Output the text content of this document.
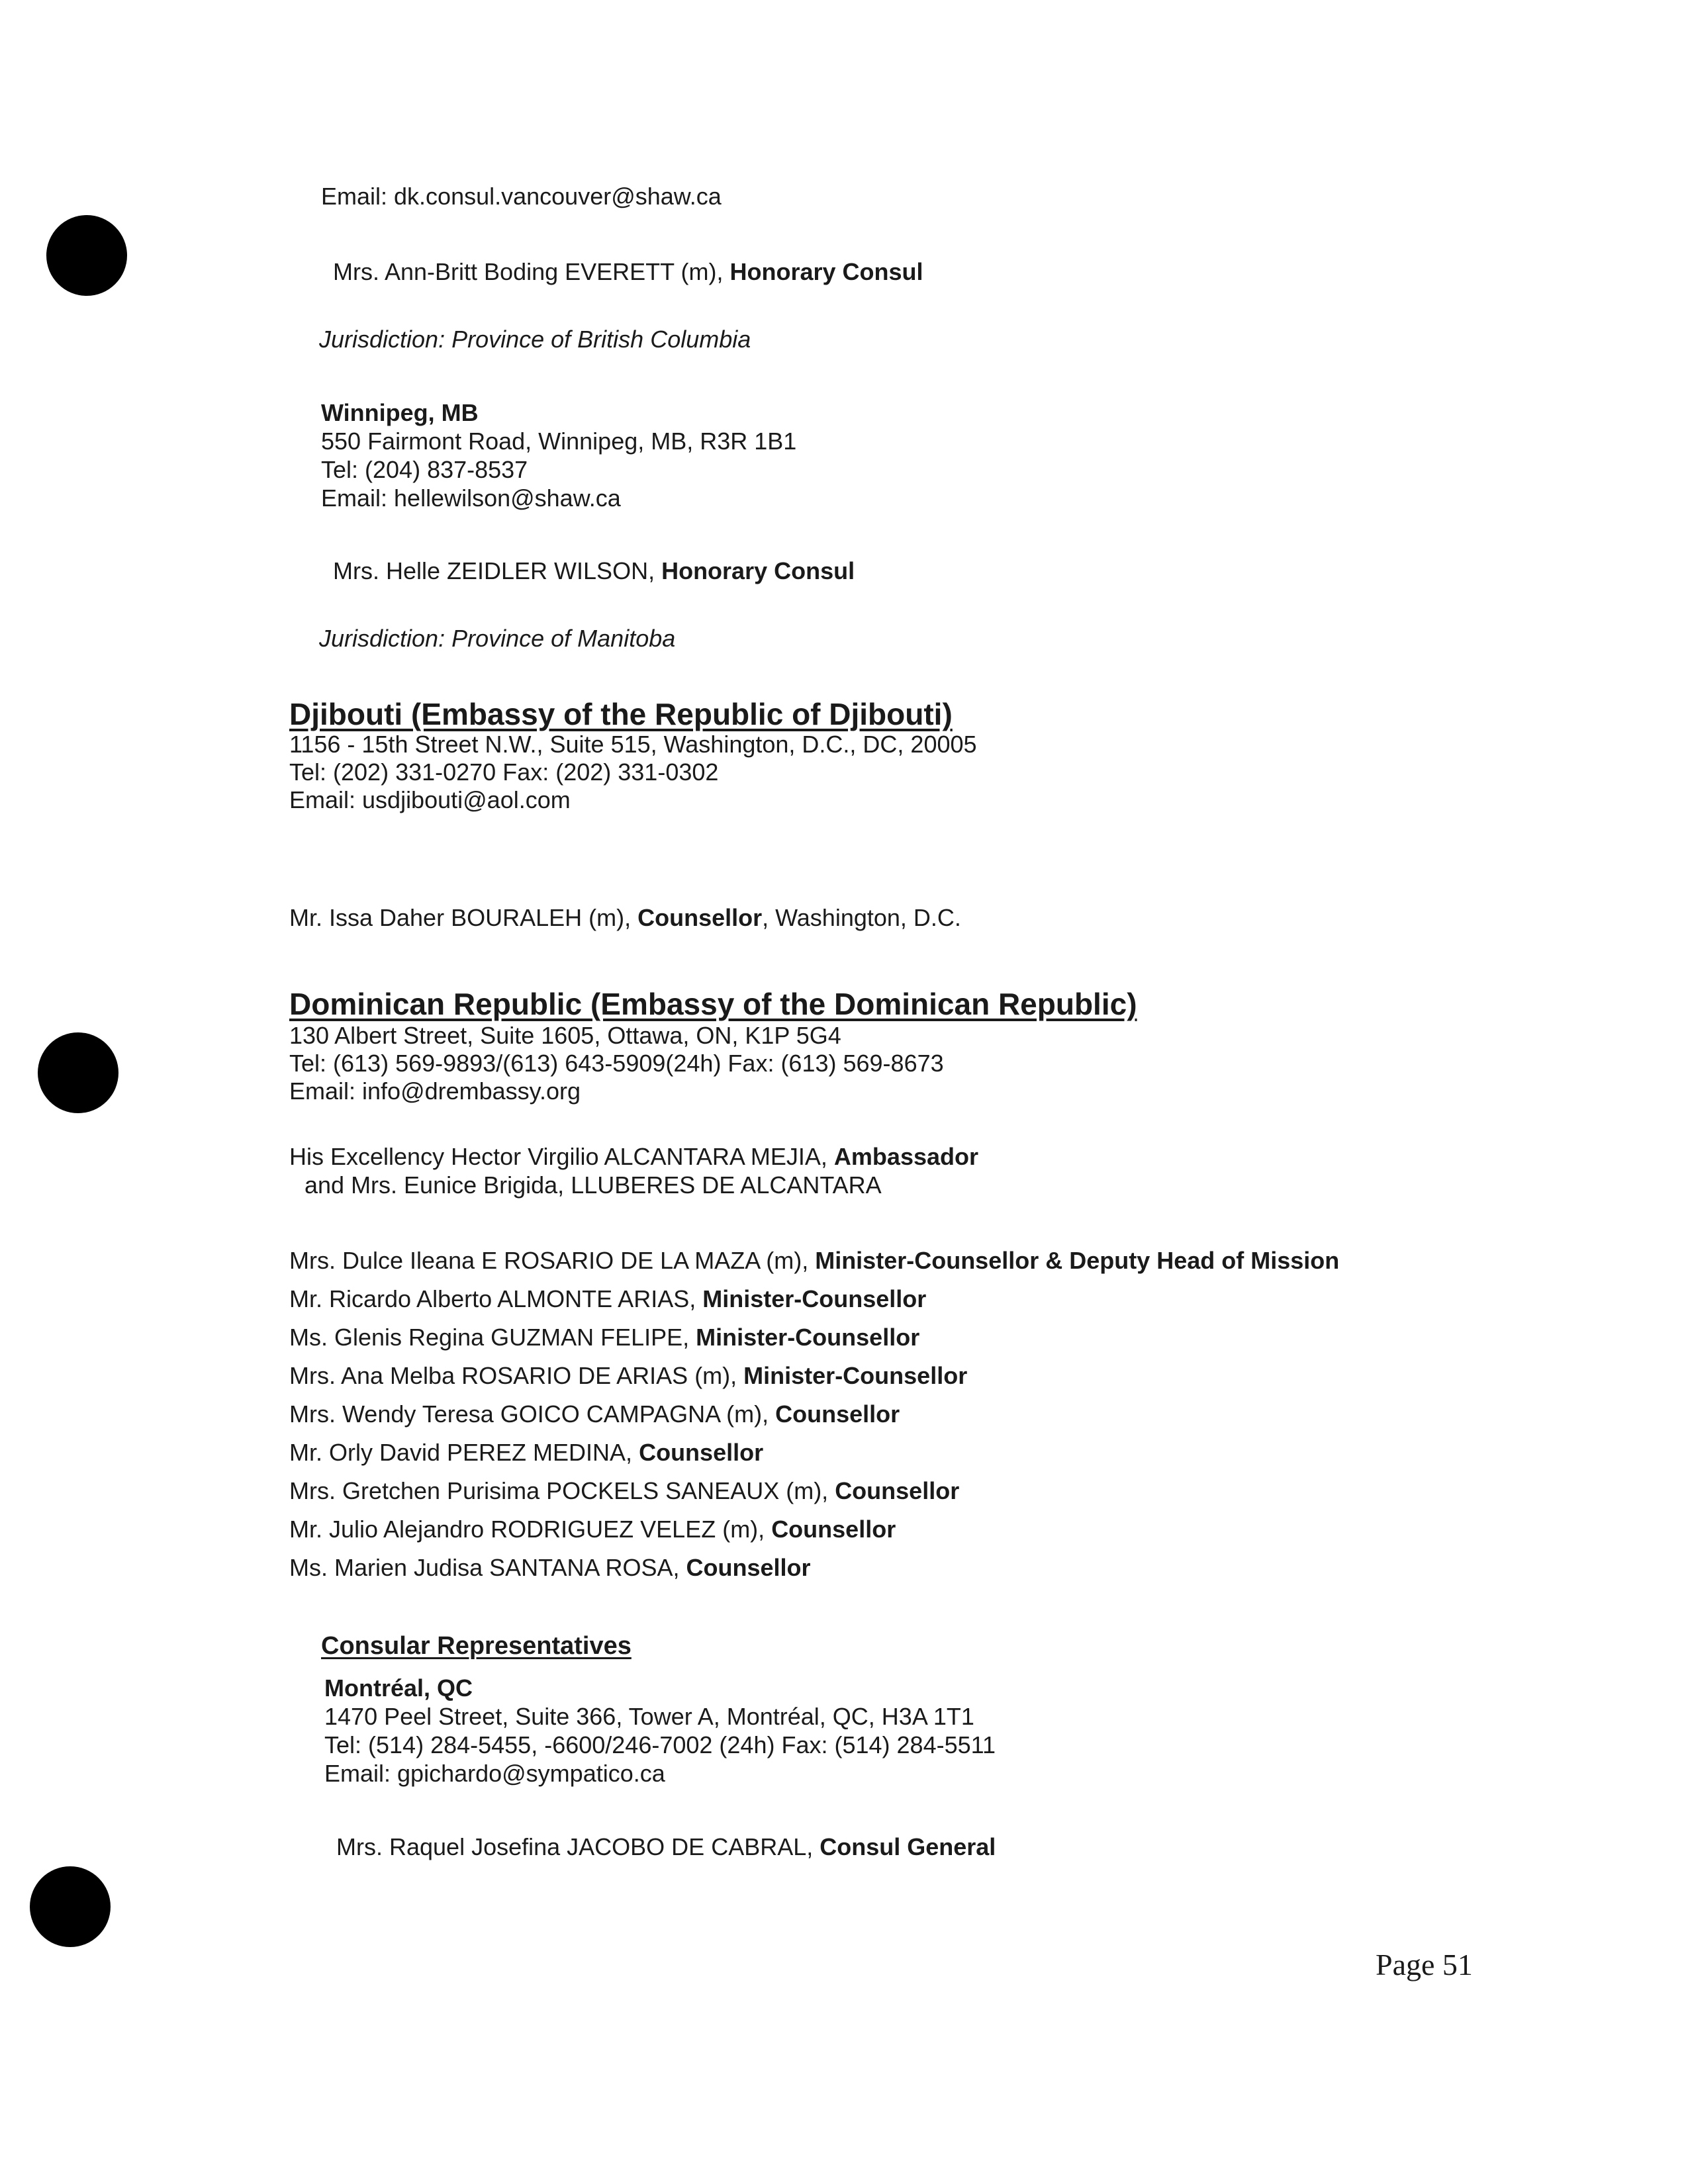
Email: dk.consul.vancouver@shaw.ca
Mrs. Ann-Britt Boding EVERETT (m), Honorary Consul
Jurisdiction: Province of British Columbia
Winnipeg, MB
550 Fairmont Road, Winnipeg, MB, R3R 1B1
Tel: (204) 837-8537
Email: hellewilson@shaw.ca
Mrs. Helle ZEIDLER WILSON, Honorary Consul
Jurisdiction: Province of Manitoba
Djibouti (Embassy of the Republic of Djibouti)
1156 - 15th Street N.W., Suite 515, Washington, D.C., DC, 20005
Tel: (202) 331-0270 Fax: (202) 331-0302
Email: usdjibouti@aol.com
Mr. Issa Daher BOURALEH (m), Counsellor, Washington, D.C.
Dominican Republic (Embassy of the Dominican Republic)
130 Albert Street, Suite 1605, Ottawa, ON, K1P 5G4
Tel: (613) 569-9893/(613) 643-5909(24h) Fax: (613) 569-8673
Email: info@drembassy.org
His Excellency Hector Virgilio ALCANTARA MEJIA, Ambassador
and Mrs. Eunice Brigida, LLUBERES DE ALCANTARA
Mrs. Dulce Ileana E ROSARIO DE LA MAZA (m), Minister-Counsellor & Deputy Head of Mission
Mr. Ricardo Alberto ALMONTE ARIAS, Minister-Counsellor
Ms. Glenis Regina GUZMAN FELIPE, Minister-Counsellor
Mrs. Ana Melba ROSARIO DE ARIAS (m), Minister-Counsellor
Mrs. Wendy Teresa GOICO CAMPAGNA (m), Counsellor
Mr. Orly David PEREZ MEDINA, Counsellor
Mrs. Gretchen Purisima POCKELS SANEAUX (m), Counsellor
Mr. Julio Alejandro RODRIGUEZ VELEZ (m), Counsellor
Ms. Marien Judisa SANTANA ROSA, Counsellor
Consular Representatives
Montréal, QC
1470 Peel Street, Suite 366, Tower A, Montréal, QC, H3A 1T1
Tel: (514) 284-5455, -6600/246-7002 (24h) Fax: (514) 284-5511
Email: gpichardo@sympatico.ca
Mrs. Raquel Josefina JACOBO DE CABRAL, Consul General
Page 51
